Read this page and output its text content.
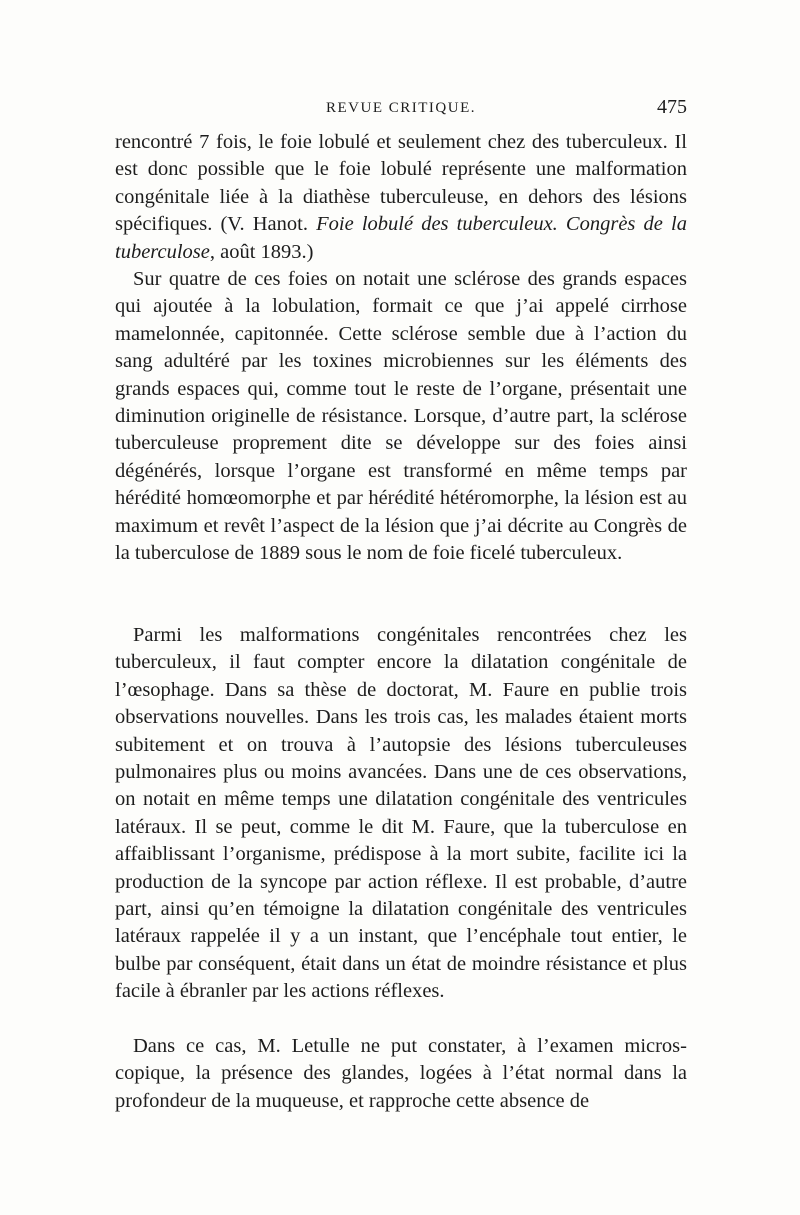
REVUE CRITIQUE.	475

rencontré 7 fois, le foie lobulé et seulement chez des tuberculeux. Il est donc possible que le foie lobulé représente une malformation congénitale liée à la diathèse tuberculeuse, en dehors des lésions spécifiques. (V. Hanot. Foie lobulé des tuberculeux. Congrès de la tuberculose, août 1893.)

Sur quatre de ces foies on notait une sclérose des grands espaces qui ajoutée à la lobulation, formait ce que j’ai appelé cirrhose mamelonnée, capitonnée. Cette sclérose semble due à l’action du sang adultéré par les toxines microbiennes sur les éléments des grands espaces qui, comme tout le reste de l’organe, présentait une diminution originelle de résistance. Lorsque, d’autre part, la sclérose tuberculeuse proprement dite se développe sur des foies ainsi dégénérés, lorsque l’organe est transformé en même temps par hérédité homœomorphe et par hérédité hétéromorphe, la lésion est au maximum et revêt l’aspect de la lésion que j’ai décrite au Congrès de la tuberculose de 1889 sous le nom de foie ficelé tuberculeux.

Parmi les malformations congénitales rencontrées chez les tuberculeux, il faut compter encore la dilatation congénitale de l’œsophage. Dans sa thèse de doctorat, M. Faure en publie trois observations nouvelles. Dans les trois cas, les malades étaient morts subitement et on trouva à l’autopsie des lésions tuberculeuses pulmonaires plus ou moins avancées. Dans une de ces observations, on notait en même temps une dilatation congénitale des ventricules latéraux. Il se peut, comme le dit M. Faure, que la tuberculose en affaiblissant l’organisme, prédispose à la mort subite, facilite ici la production de la syncope par action réflexe. Il est probable, d’autre part, ainsi qu’en témoigne la dilatation congénitale des ventricules latéraux rappelée il y a un instant, que l’encéphale tout entier, le bulbe par conséquent, était dans un état de moindre résistance et plus facile à ébranler par les actions réflexes.

Dans ce cas, M. Letulle ne put constater, à l’examen microscopique, la présence des glandes, logées à l’état normal dans la profondeur de la muqueuse, et rapproche cette absence de
